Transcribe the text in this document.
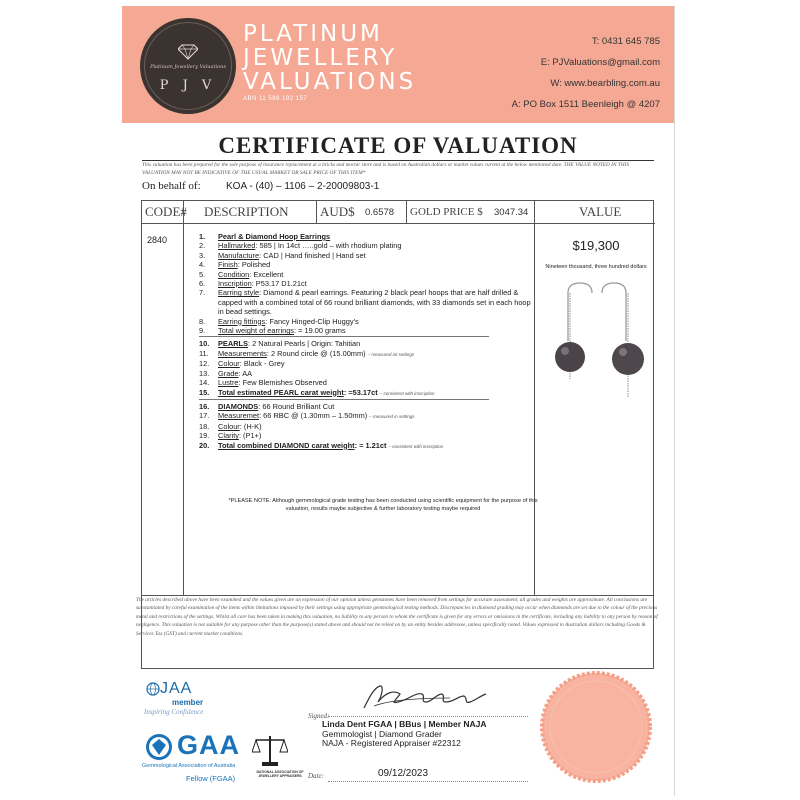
Platinum Jewellery Valuations
P J V
PLATINUM
JEWELLERY
VALUATIONS
ABN 11 588 192 157
T: 0431 645 785
E: PJValuations@gmail.com
W: www.bearbling.com.au
A: PO Box 1511 Beenleigh @ 4207
CERTIFICATE OF VALUATION
This valuation has been prepared for the sole purpose of insurance replacement at a bricks and mortar store and is based on Australian dollars or market values current at the below mentioned date. THE VALUE NOTED IN THIS VALUATION MAY NOT BE INDICATIVE OF THE USUAL MARKET OR SALE PRICE OF THIS ITEM*
On behalf of:	KOA - (40) – 1106 – 2-20009803-1
CODE# DESCRIPTION AUD$ 0.6578 GOLD PRICE $ 3047.34	VALUE
2840	1.	Pearl & Diamond Hoop Earrings
2.	Hallmarked: 585 | In 14ct …..gold – with rhodium plating
3.	Manufacture: CAD | Hand finished | Hand set
4.	Finish: Polished
5.	Condition: Excellent
6.	Inscription: P53.17 D1.21ct
7.	Earring style: Diamond & pearl earrings. Featuring 2 black pearl hoops that are half drilled & capped with a combined total of 66 round brilliant diamonds, with 33 diamonds set in each hoop in bead settings.
8.	Earring fittings: Fancy Hinged-Clip Huggy's
9.	Total weight of earrings: = 19.00 grams
10.	PEARLS: 2 Natural Pearls | Origin: Tahitian
11.	Measurements: 2 Round circle @ (15.00mm) – measured int settings
12.	Colour: Black - Grey
13.	Grade: AA
14.	Lustre: Few Blemishes Observed
15.	Total estimated PEARL carat weight: =53.17ct – consistent with inscription
16.	DIAMONDS: 66 Round Brilliant Cut
17.	Measuremet: 66 RBC @ (1.30mm – 1.50mm) – measured in settings
18.	Colour: (H-K)
19.	Clarity: (P1+)
20.	Total combined DIAMOND carat weight: = 1.21ct – consistent with inscription
*PLEASE NOTE: Although gemmological grade testing has been conducted using scientific equipment for the purpose of this valuation, results maybe subjective & further laboratory testing maybe required
$19,300
Nineteen thousand, three hundred dollars
The articles described above have been examined and the values given are an expression of our opinion unless gemstones have been removed from settings for accurate assessment, all grades and weights are approximate. All conclusions are substantiated by careful examination of the items within limitations imposed by their settings using appropriate gemmological testing methods. Discrepancies in diamond grading may occur when diamonds are set due to the colour of the precious metal and restrictions of the settings. Whilst all care has been taken in making this valuation, no liability to any person to whom the certificate is given for any errors or omissions in the certificate, including any liability to any person by reason of negligence. This valuation is not suitable for any purpose other than the purpose(s) stated above and should not be relied on by an entity besides addressee, unless specifically noted. Values expressed in Australian dollars including Goods & Services Tax (GST) and current market conditions.
JAA
member
Inspiring Confidence
GAA
Gemmological Association of Australia
Fellow (FGAA)
NATIONAL ASSOCIATION OF JEWELLERY APPRAISERS
Signed:
Linda Dent FGAA | BBus | Member NAJA
Gemmologist | Diamond Grader
NAJA - Registered Appraiser #22312
Date:	09/12/2023
